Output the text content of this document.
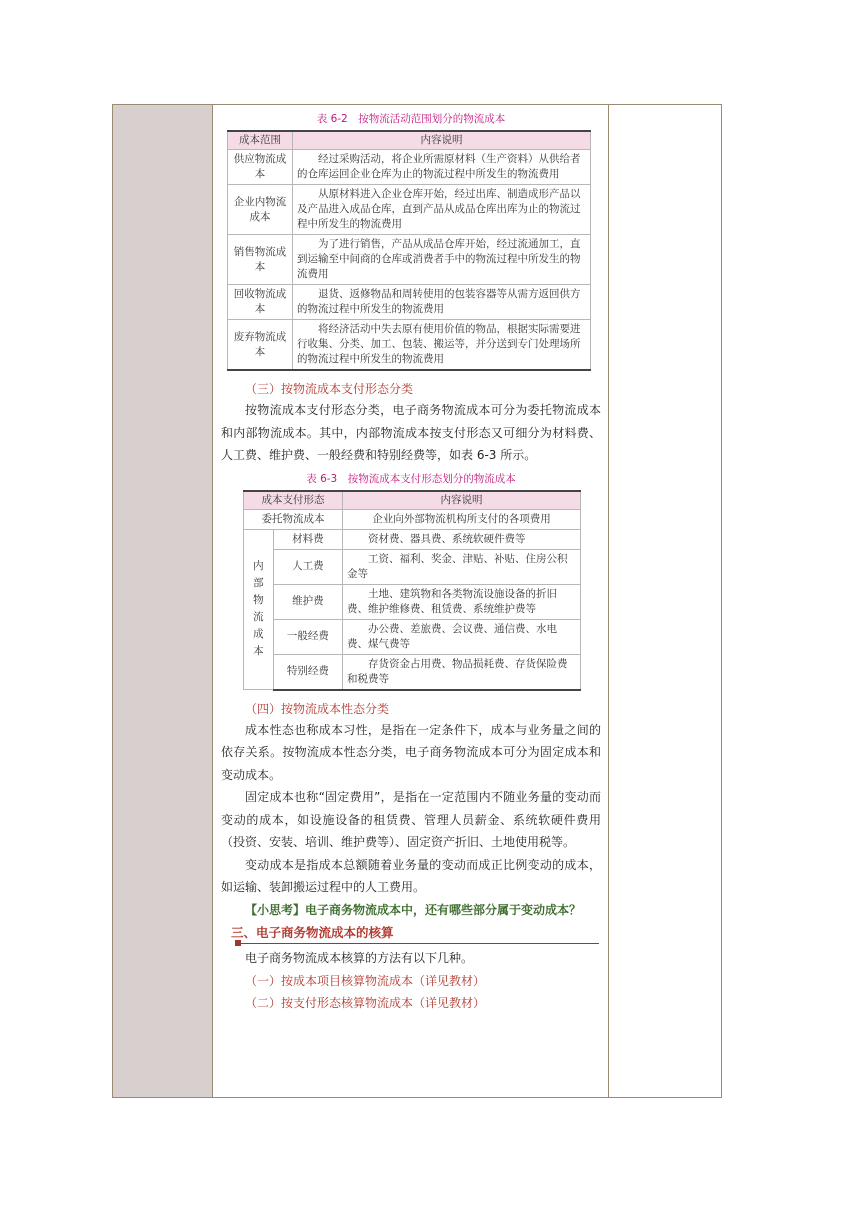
表 6-2　按物流活动范围划分的物流成本

成本范围	内容说明
供应物流成本	经过采购活动，将企业所需原材料（生产资料）从供给者的仓库运回企业仓库为止的物流过程中所发生的物流费用
企业内物流成本	从原材料进入企业仓库开始，经过出库、制造成形产品以及产品进入成品仓库，直到产品从成品仓库出库为止的物流过程中所发生的物流费用
销售物流成本	为了进行销售，产品从成品仓库开始，经过流通加工，直到运输至中间商的仓库或消费者手中的物流过程中所发生的物流费用
回收物流成本	退货、返修物品和周转使用的包装容器等从需方返回供方的物流过程中所发生的物流费用
废弃物流成本	将经济活动中失去原有使用价值的物品，根据实际需要进行收集、分类、加工、包装、搬运等，并分送到专门处理场所的物流过程中所发生的物流费用

（三）按物流成本支付形态分类

按物流成本支付形态分类，电子商务物流成本可分为委托物流成本和内部物流成本。其中，内部物流成本按支付形态又可细分为材料费、人工费、维护费、一般经费和特别经费等，如表 6-3 所示。

表 6-3　按物流成本支付形态划分的物流成本

成本支付形态		内容说明
委托物流成本		企业向外部物流机构所支付的各项费用
内部物流成本	材料费	资材费、器具费、系统软硬件费等
	人工费	工资、福利、奖金、津贴、补贴、住房公积金等
	维护费	土地、建筑物和各类物流设施设备的折旧费、维护维修费、租赁费、系统维护费等
	一般经费	办公费、差旅费、会议费、通信费、水电费、煤气费等
	特别经费	存货资金占用费、物品损耗费、存货保险费和税费等

（四）按物流成本性态分类

成本性态也称成本习性，是指在一定条件下，成本与业务量之间的依存关系。按物流成本性态分类，电子商务物流成本可分为固定成本和变动成本。

固定成本也称“固定费用”，是指在一定范围内不随业务量的变动而变动的成本，如设施设备的租赁费、管理人员薪金、系统软硬件费用（投资、安装、培训、维护费等）、固定资产折旧、土地使用税等。

变动成本是指成本总额随着业务量的变动而成正比例变动的成本，如运输、装卸搬运过程中的人工费用。

【小思考】电子商务物流成本中，还有哪些部分属于变动成本？

三、电子商务物流成本的核算

电子商务物流成本核算的方法有以下几种。

（一）按成本项目核算物流成本（详见教材）

（二）按支付形态核算物流成本（详见教材）
